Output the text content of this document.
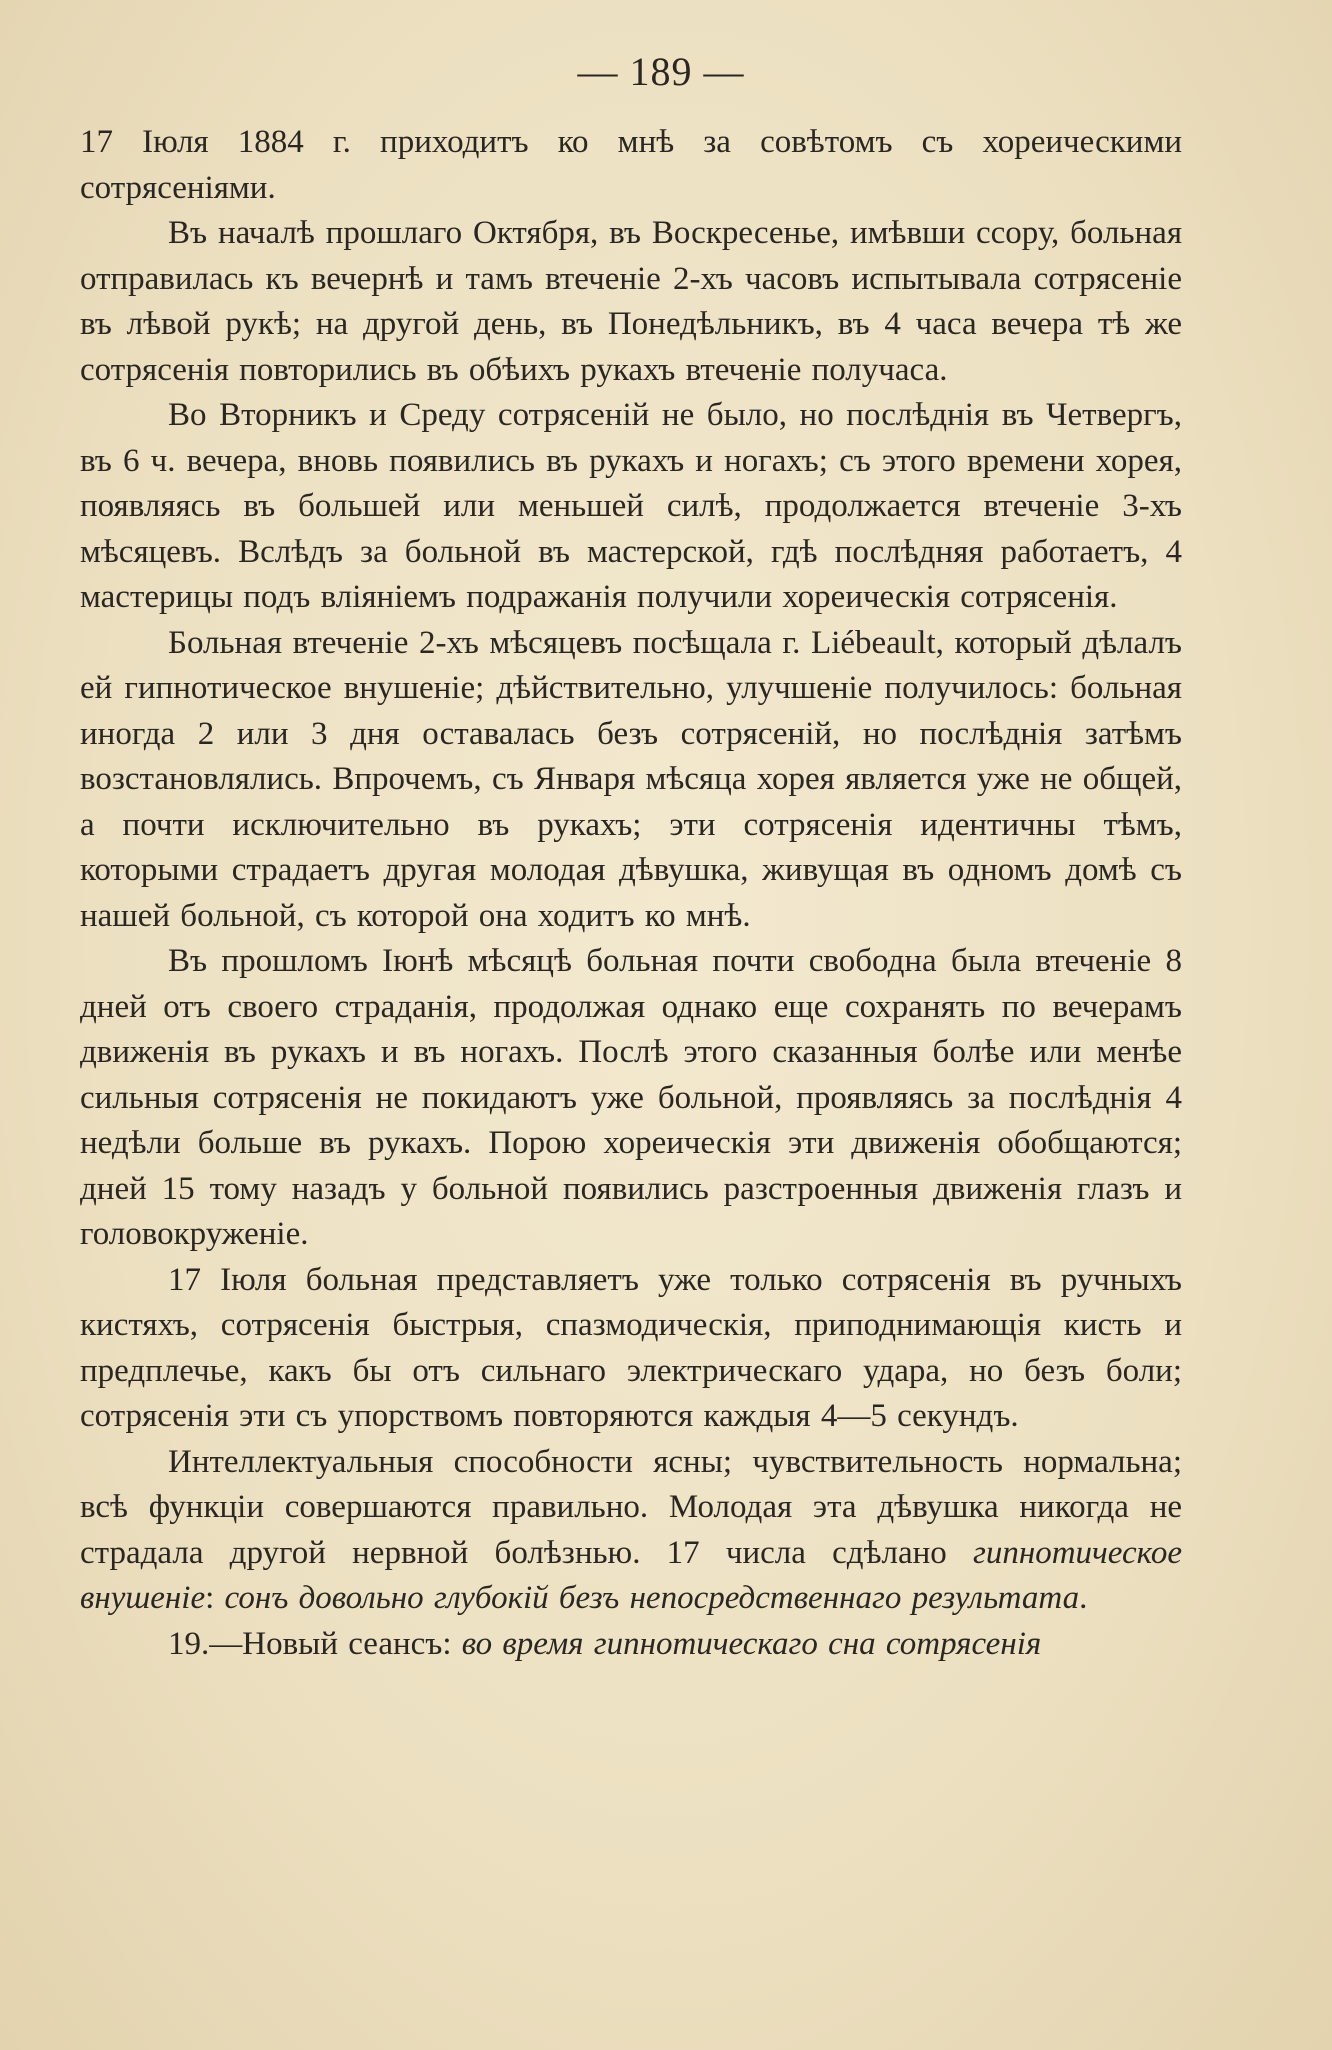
— 189 —

17 Іюля 1884 г. приходитъ ко мнѣ за совѣтомъ съ хореическими сотрясеніями.

Въ началѣ прошлаго Октября, въ Воскресенье, имѣвши ссору, больная отправилась къ вечернѣ и тамъ втеченіе 2-хъ часовъ испытывала сотрясеніе въ лѣвой рукѣ; на другой день, въ Понедѣльникъ, въ 4 часа вечера тѣ же сотрясенія повторились въ обѣихъ рукахъ втеченіе получаса.

Во Вторникъ и Среду сотрясеній не было, но послѣднія въ Четвергъ, въ 6 ч. вечера, вновь появились въ рукахъ и ногахъ; съ этого времени хорея, появляясь въ большей или меньшей силѣ, продолжается втеченіе 3-хъ мѣсяцевъ. Вслѣдъ за больной въ мастерской, гдѣ послѣдняя работаетъ, 4 мастерицы подъ вліяніемъ подражанія получили хореическія сотрясенія.

Больная втеченіе 2-хъ мѣсяцевъ посѣщала г. Liébeault, который дѣлалъ ей гипнотическое внушеніе; дѣйствительно, улучшеніе получилось: больная иногда 2 или 3 дня оставалась безъ сотрясеній, но послѣднія затѣмъ возстановлялись. Впрочемъ, съ Января мѣсяца хорея является уже не общей, а почти исключительно въ рукахъ; эти сотрясенія идентичны тѣмъ, которыми страдаетъ другая молодая дѣвушка, живущая въ одномъ домѣ съ нашей больной, съ которой она ходитъ ко мнѣ.

Въ прошломъ Іюнѣ мѣсяцѣ больная почти свободна была втеченіе 8 дней отъ своего страданія, продолжая однако еще сохранять по вечерамъ движенія въ рукахъ и въ ногахъ. Послѣ этого сказанныя болѣе или менѣе сильныя сотрясенія не покидаютъ уже больной, проявляясь за послѣднія 4 недѣли больше въ рукахъ. Порою хореическія эти движенія обобщаются; дней 15 тому назадъ у больной появились разстроенныя движенія глазъ и головокруженіе.

17 Іюля больная представляетъ уже только сотрясенія въ ручныхъ кистяхъ, сотрясенія быстрыя, спазмодическія, приподнимающія кисть и предплечье, какъ бы отъ сильнаго электрическаго удара, но безъ боли; сотрясенія эти съ упорствомъ повторяются каждыя 4—5 секундъ.

Интеллектуальныя способности ясны; чувствительность нормальна; всѣ функціи совершаются правильно. Молодая эта дѣвушка никогда не страдала другой нервной болѣзнью. 17 числа сдѣлано гипнотическое внушеніе: сонъ довольно глубокій безъ непосредственнаго результата.

19.—Новый сеансъ: во время гипнотическаго сна сотрясенія
